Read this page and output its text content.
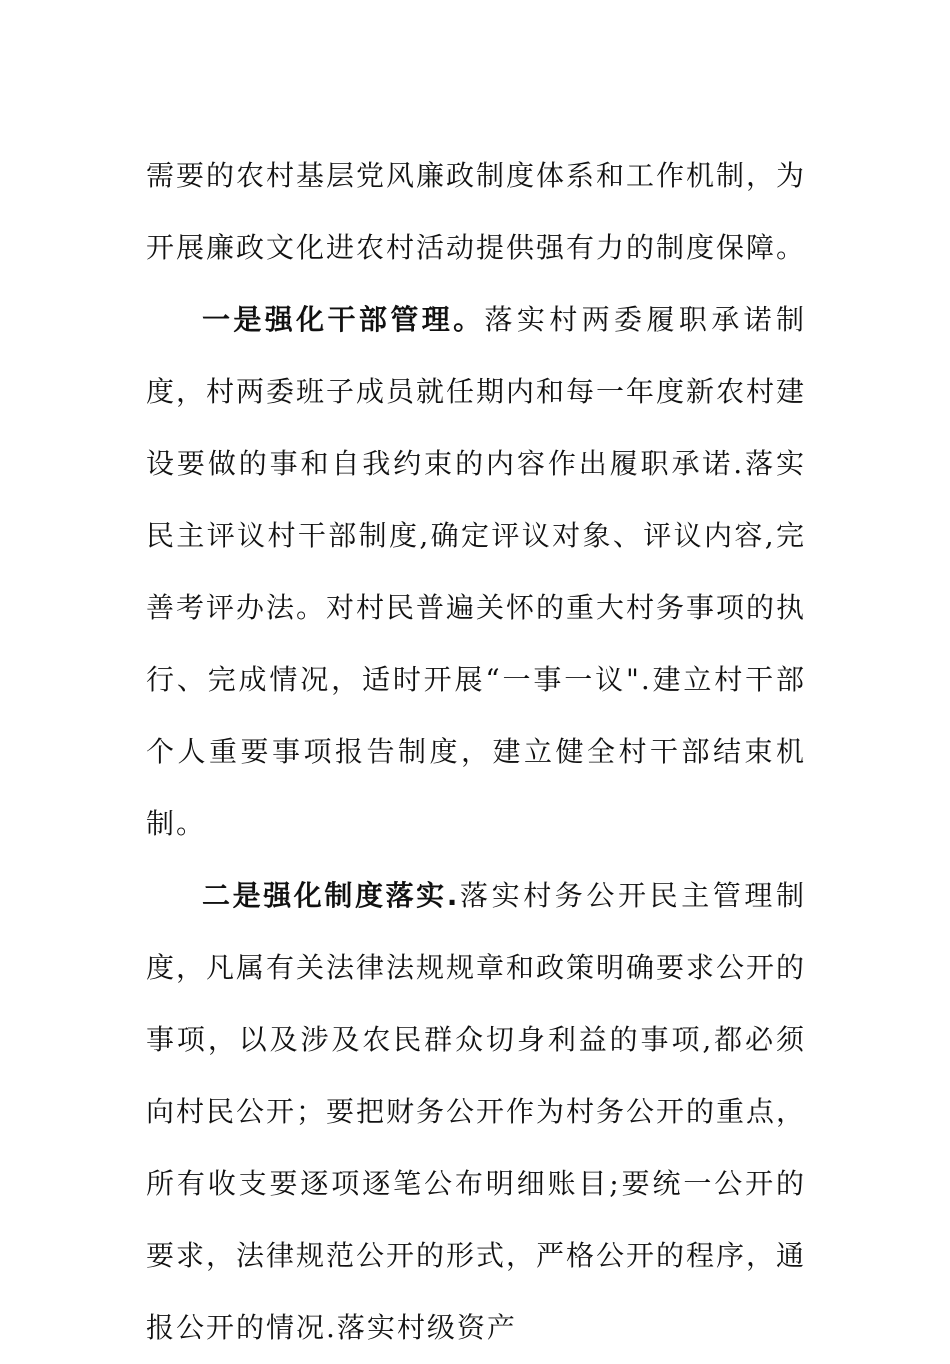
需要的农村基层党风廉政制度体系和工作机制，为开展廉政文化进农村活动提供强有力的制度保障。

一是强化干部管理。落实村两委履职承诺制度，村两委班子成员就任期内和每一年度新农村建设要做的事和自我约束的内容作出履职承诺.落实民主评议村干部制度,确定评议对象、评议内容,完善考评办法。对村民普遍关怀的重大村务事项的执行、完成情况，适时开展“一事一议".建立村干部个人重要事项报告制度，建立健全村干部结束机制。

二是强化制度落实.落实村务公开民主管理制度，凡属有关法律法规规章和政策明确要求公开的事项，以及涉及农民群众切身利益的事项,都必须向村民公开；要把财务公开作为村务公开的重点，所有收支要逐项逐笔公布明细账目;要统一公开的要求，法律规范公开的形式，严格公开的程序，通报公开的情况.落实村级资产
